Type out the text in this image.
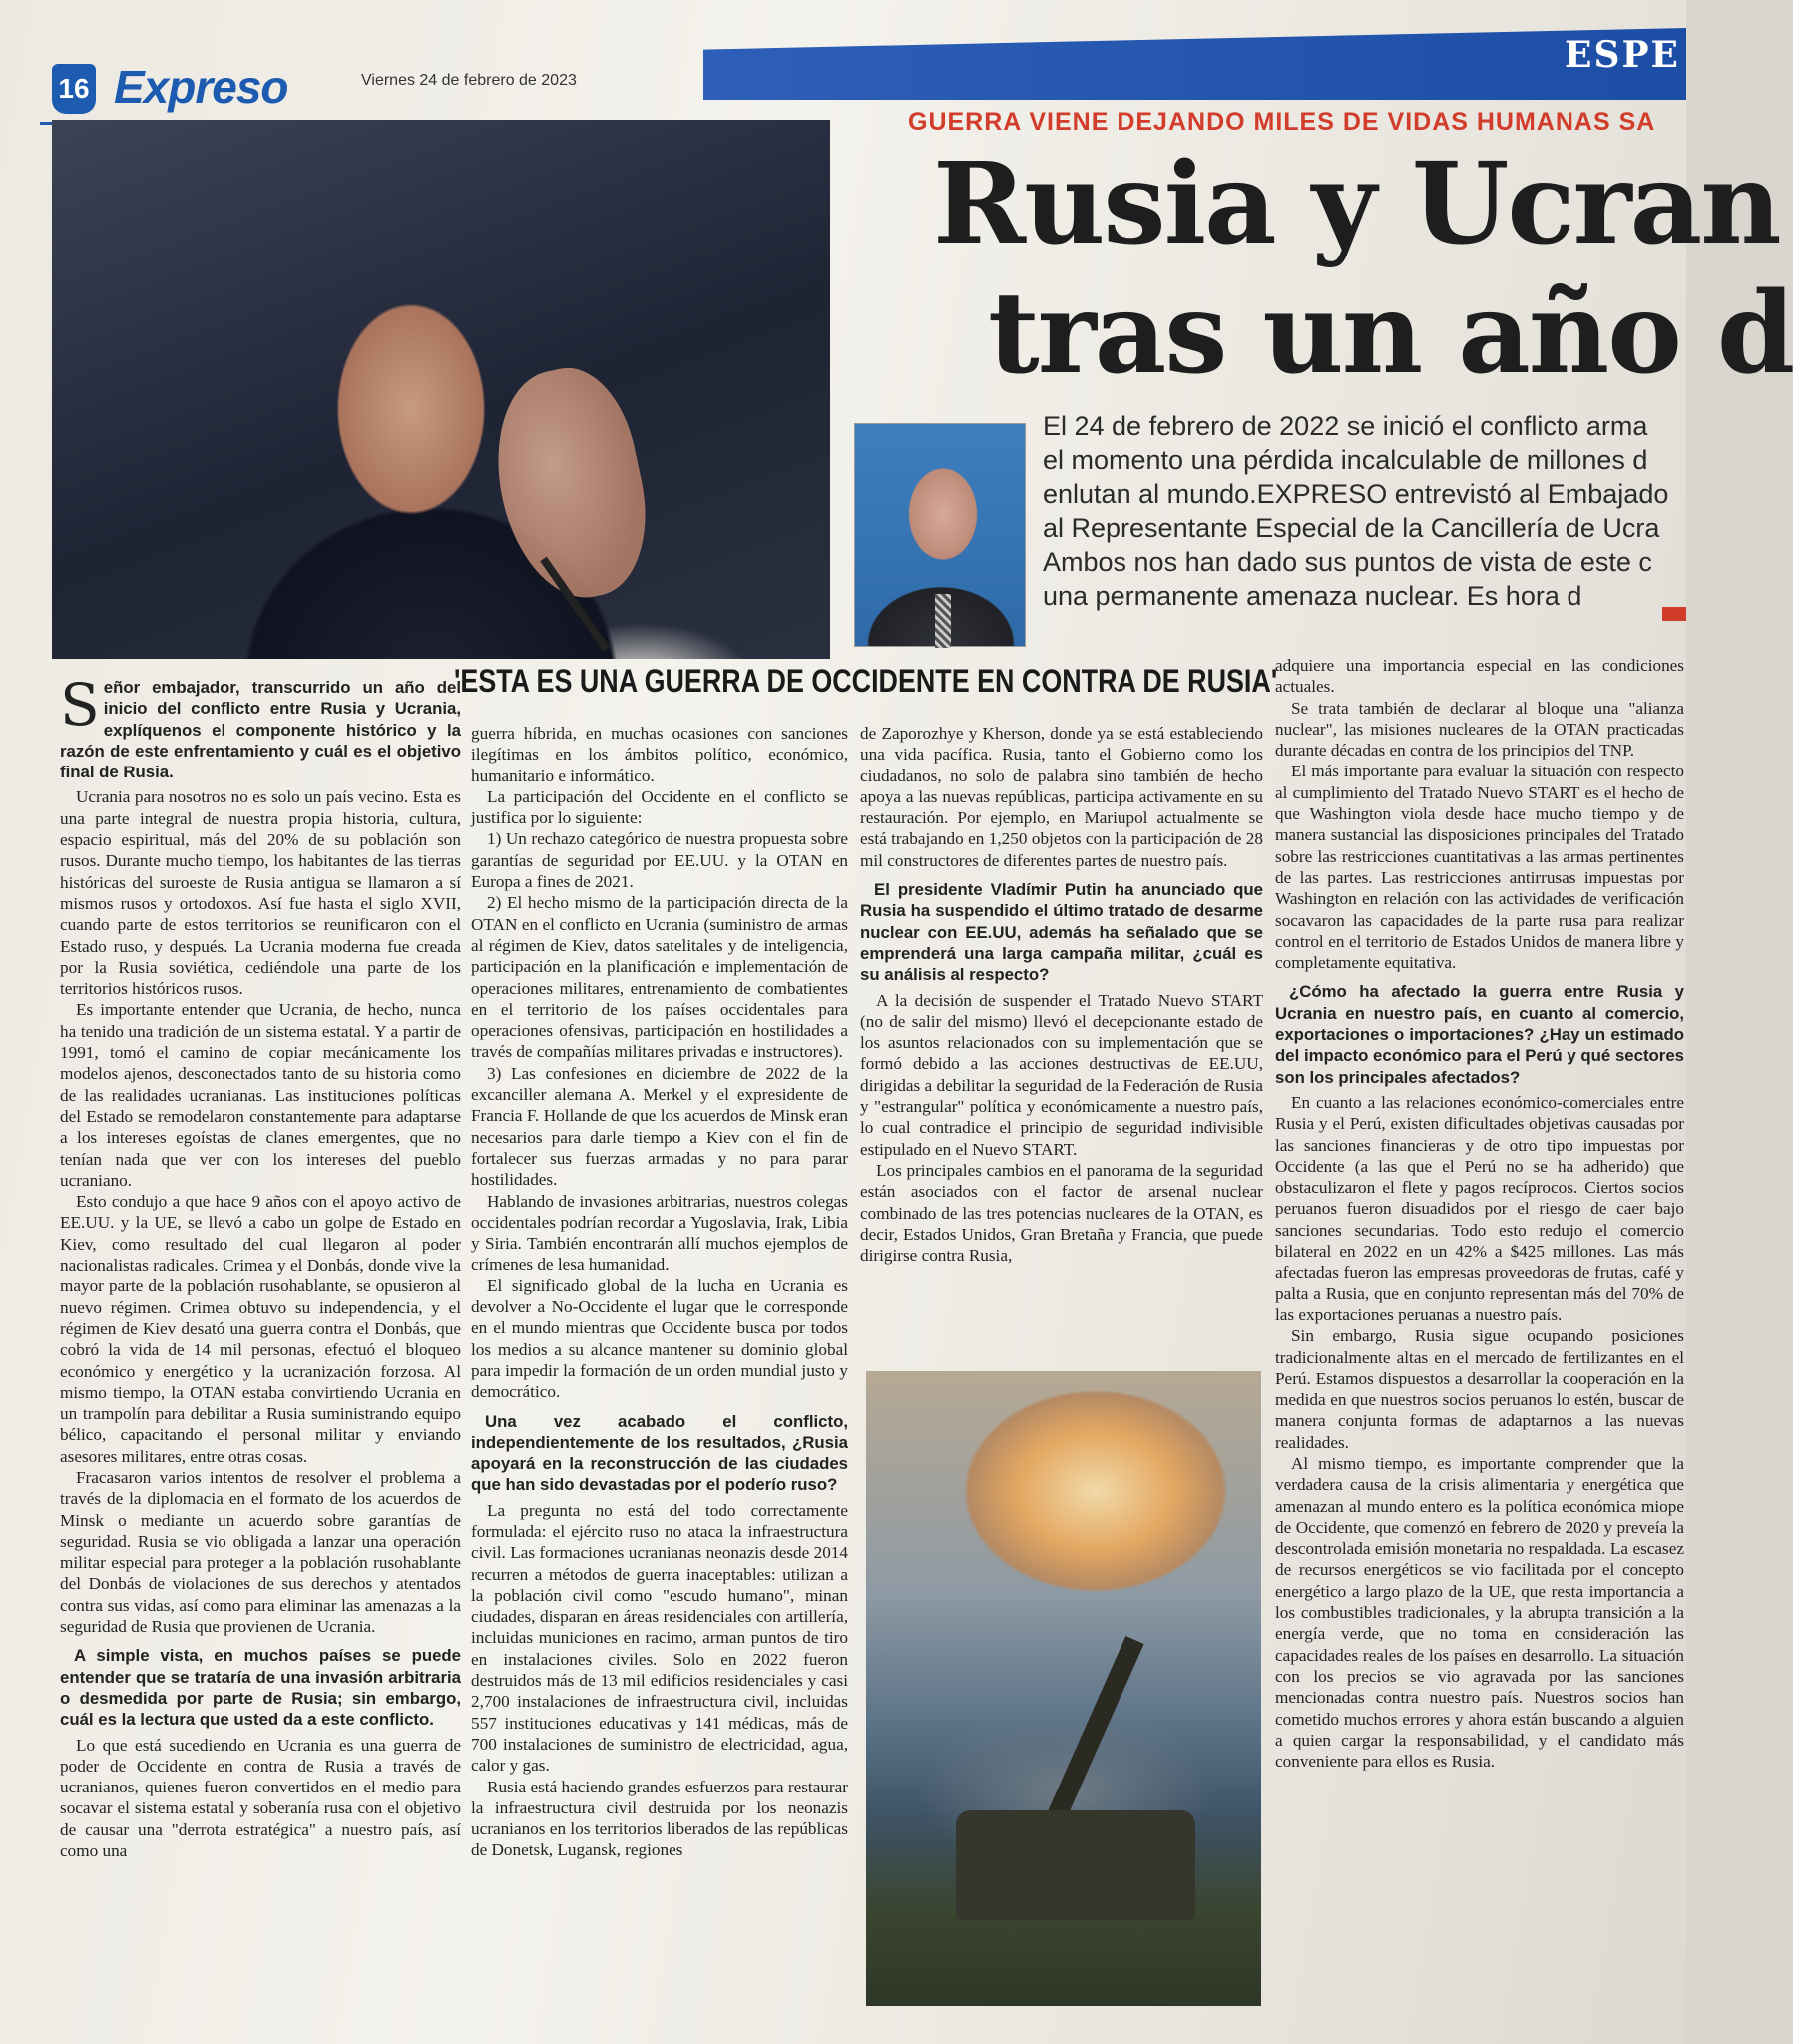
16 Expreso	Viernes 24 de febrero de 2023
ESPE
GUERRA VIENE DEJANDO MILES DE VIDAS HUMANAS SA
Rusia y Ucran
tras un año d
El 24 de febrero de 2022 se inició el conflicto arma
el momento una pérdida incalculable de millones d
enlutan al mundo.EXPRESO entrevistó al Embajado
al Representante Especial de la Cancillería de Ucra
Ambos nos han dado sus puntos de vista de este c
una permanente amenaza nuclear. Es hora d
'ESTA ES UNA GUERRA DE OCCIDENTE EN CONTRA DE RUSIA'

Señor embajador, transcurrido un año del inicio del conflicto entre Rusia y Ucrania, explíquenos el componente histórico y la razón de este enfrentamiento y cuál es el objetivo final de Rusia.

Ucrania para nosotros no es solo un país vecino. Esta es una parte integral de nuestra propia historia, cultura, espacio espiritual, más del 20% de su población son rusos. Durante mucho tiempo, los habitantes de las tierras históricas del suroeste de Rusia antigua se llamaron a sí mismos rusos y ortodoxos. Así fue hasta el siglo XVII, cuando parte de estos territorios se reunificaron con el Estado ruso, y después. La Ucrania moderna fue creada por la Rusia soviética, cediéndole una parte de los territorios históricos rusos.

Es importante entender que Ucrania, de hecho, nunca ha tenido una tradición de un sistema estatal. Y a partir de 1991, tomó el camino de copiar mecánicamente los modelos ajenos, desconectados tanto de su historia como de las realidades ucranianas. Las instituciones políticas del Estado se remodelaron constantemente para adaptarse a los intereses egoístas de clanes emergentes, que no tenían nada que ver con los intereses del pueblo ucraniano.

Esto condujo a que hace 9 años con el apoyo activo de EE.UU. y la UE, se llevó a cabo un golpe de Estado en Kiev, como resultado del cual llegaron al poder nacionalistas radicales. Crimea y el Donbás, donde vive la mayor parte de la población rusohablante, se opusieron al nuevo régimen. Crimea obtuvo su independencia, y el régimen de Kiev desató una guerra contra el Donbás, que cobró la vida de 14 mil personas, efectuó el bloqueo económico y energético y la ucranización forzosa. Al mismo tiempo, la OTAN estaba convirtiendo Ucrania en un trampolín para debilitar a Rusia suministrando equipo bélico, capacitando el personal militar y enviando asesores militares, entre otras cosas.

Fracasaron varios intentos de resolver el problema a través de la diplomacia en el formato de los acuerdos de Minsk o mediante un acuerdo sobre garantías de seguridad. Rusia se vio obligada a lanzar una operación militar especial para proteger a la población rusohablante del Donbás de violaciones de sus derechos y atentados contra sus vidas, así como para eliminar las amenazas a la seguridad de Rusia que provienen de Ucrania.

A simple vista, en muchos países se puede entender que se trataría de una invasión arbitraria o desmedida por parte de Rusia; sin embargo, cuál es la lectura que usted da a este conflicto.

Lo que está sucediendo en Ucrania es una guerra de poder de Occidente en contra de Rusia a través de ucranianos, quienes fueron convertidos en el medio para socavar el sistema estatal y soberanía rusa con el objetivo de causar una "derrota estratégica" a nuestro país, así como una

guerra híbrida, en muchas ocasiones con sanciones ilegítimas en los ámbitos político, económico, humanitario e informático.

La participación del Occidente en el conflicto se justifica por lo siguiente:

1) Un rechazo categórico de nuestra propuesta sobre garantías de seguridad por EE.UU. y la OTAN en Europa a fines de 2021.

2) El hecho mismo de la participación directa de la OTAN en el conflicto en Ucrania (suministro de armas al régimen de Kiev, datos satelitales y de inteligencia, participación en la planificación e implementación de operaciones militares, entrenamiento de combatientes en el territorio de los países occidentales para operaciones ofensivas, participación en hostilidades a través de compañías militares privadas e instructores).

3) Las confesiones en diciembre de 2022 de la excanciller alemana A. Merkel y el expresidente de Francia F. Hollande de que los acuerdos de Minsk eran necesarios para darle tiempo a Kiev con el fin de fortalecer sus fuerzas armadas y no para parar hostilidades.

Hablando de invasiones arbitrarias, nuestros colegas occidentales podrían recordar a Yugoslavia, Irak, Libia y Siria. También encontrarán allí muchos ejemplos de crímenes de lesa humanidad.

El significado global de la lucha en Ucrania es devolver a No-Occidente el lugar que le corresponde en el mundo mientras que Occidente busca por todos los medios a su alcance mantener su dominio global para impedir la formación de un orden mundial justo y democrático.

Una vez acabado el conflicto, independientemente de los resultados, ¿Rusia apoyará en la reconstrucción de las ciudades que han sido devastadas por el poderío ruso?

La pregunta no está del todo correctamente formulada: el ejército ruso no ataca la infraestructura civil. Las formaciones ucranianas neonazis desde 2014 recurren a métodos de guerra inaceptables: utilizan a la población civil como "escudo humano", minan ciudades, disparan en áreas residenciales con artillería, incluidas municiones en racimo, arman puntos de tiro en instalaciones civiles. Solo en 2022 fueron destruidos más de 13 mil edificios residenciales y casi 2,700 instalaciones de infraestructura civil, incluidas 557 instituciones educativas y 141 médicas, más de 700 instalaciones de suministro de electricidad, agua, calor y gas.

Rusia está haciendo grandes esfuerzos para restaurar la infraestructura civil destruida por los neonazis ucranianos en los territorios liberados de las repúblicas de Donetsk, Lugansk, regiones

de Zaporozhye y Kherson, donde ya se está estableciendo una vida pacífica. Rusia, tanto el Gobierno como los ciudadanos, no solo de palabra sino también de hecho apoya a las nuevas repúblicas, participa activamente en su restauración. Por ejemplo, en Mariupol actualmente se está trabajando en 1,250 objetos con la participación de 28 mil constructores de diferentes partes de nuestro país.

El presidente Vladímir Putin ha anunciado que Rusia ha suspendido el último tratado de desarme nuclear con EE.UU, además ha señalado que se emprenderá una larga campaña militar, ¿cuál es su análisis al respecto?

A la decisión de suspender el Tratado Nuevo START (no de salir del mismo) llevó el decepcionante estado de los asuntos relacionados con su implementación que se formó debido a las acciones destructivas de EE.UU, dirigidas a debilitar la seguridad de la Federación de Rusia y "estrangular" política y económicamente a nuestro país, lo cual contradice el principio de seguridad indivisible estipulado en el Nuevo START.

Los principales cambios en el panorama de la seguridad están asociados con el factor de arsenal nuclear combinado de las tres potencias nucleares de la OTAN, es decir, Estados Unidos, Gran Bretaña y Francia, que puede dirigirse contra Rusia,

adquiere una importancia especial en las condiciones actuales.

Se trata también de declarar al bloque una "alianza nuclear", las misiones nucleares de la OTAN practicadas durante décadas en contra de los principios del TNP.

El más importante para evaluar la situación con respecto al cumplimiento del Tratado Nuevo START es el hecho de que Washington viola desde hace mucho tiempo y de manera sustancial las disposiciones principales del Tratado sobre las restricciones cuantitativas a las armas pertinentes de las partes. Las restricciones antirrusas impuestas por Washington en relación con las actividades de verificación socavaron las capacidades de la parte rusa para realizar control en el territorio de Estados Unidos de manera libre y completamente equitativa.

¿Cómo ha afectado la guerra entre Rusia y Ucrania en nuestro país, en cuanto al comercio, exportaciones o importaciones? ¿Hay un estimado del impacto económico para el Perú y qué sectores son los principales afectados?

En cuanto a las relaciones económico-comerciales entre Rusia y el Perú, existen dificultades objetivas causadas por las sanciones financieras y de otro tipo impuestas por Occidente (a las que el Perú no se ha adherido) que obstaculizaron el flete y pagos recíprocos. Ciertos socios peruanos fueron disuadidos por el riesgo de caer bajo sanciones secundarias. Todo esto redujo el comercio bilateral en 2022 en un 42% a $425 millones. Las más afectadas fueron las empresas proveedoras de frutas, café y palta a Rusia, que en conjunto representan más del 70% de las exportaciones peruanas a nuestro país.

Sin embargo, Rusia sigue ocupando posiciones tradicionalmente altas en el mercado de fertilizantes en el Perú. Estamos dispuestos a desarrollar la cooperación en la medida en que nuestros socios peruanos lo estén, buscar de manera conjunta formas de adaptarnos a las nuevas realidades.

Al mismo tiempo, es importante comprender que la verdadera causa de la crisis alimentaria y energética que amenazan al mundo entero es la política económica miope de Occidente, que comenzó en febrero de 2020 y preveía la descontrolada emisión monetaria no respaldada. La escasez de recursos energéticos se vio facilitada por el concepto energético a largo plazo de la UE, que resta importancia a los combustibles tradicionales, y la abrupta transición a la energía verde, que no toma en consideración las capacidades reales de los países en desarrollo. La situación con los precios se vio agravada por las sanciones mencionadas contra nuestro país. Nuestros socios han cometido muchos errores y ahora están buscando a alguien a quien cargar la responsabilidad, y el candidato más conveniente para ellos es Rusia.
